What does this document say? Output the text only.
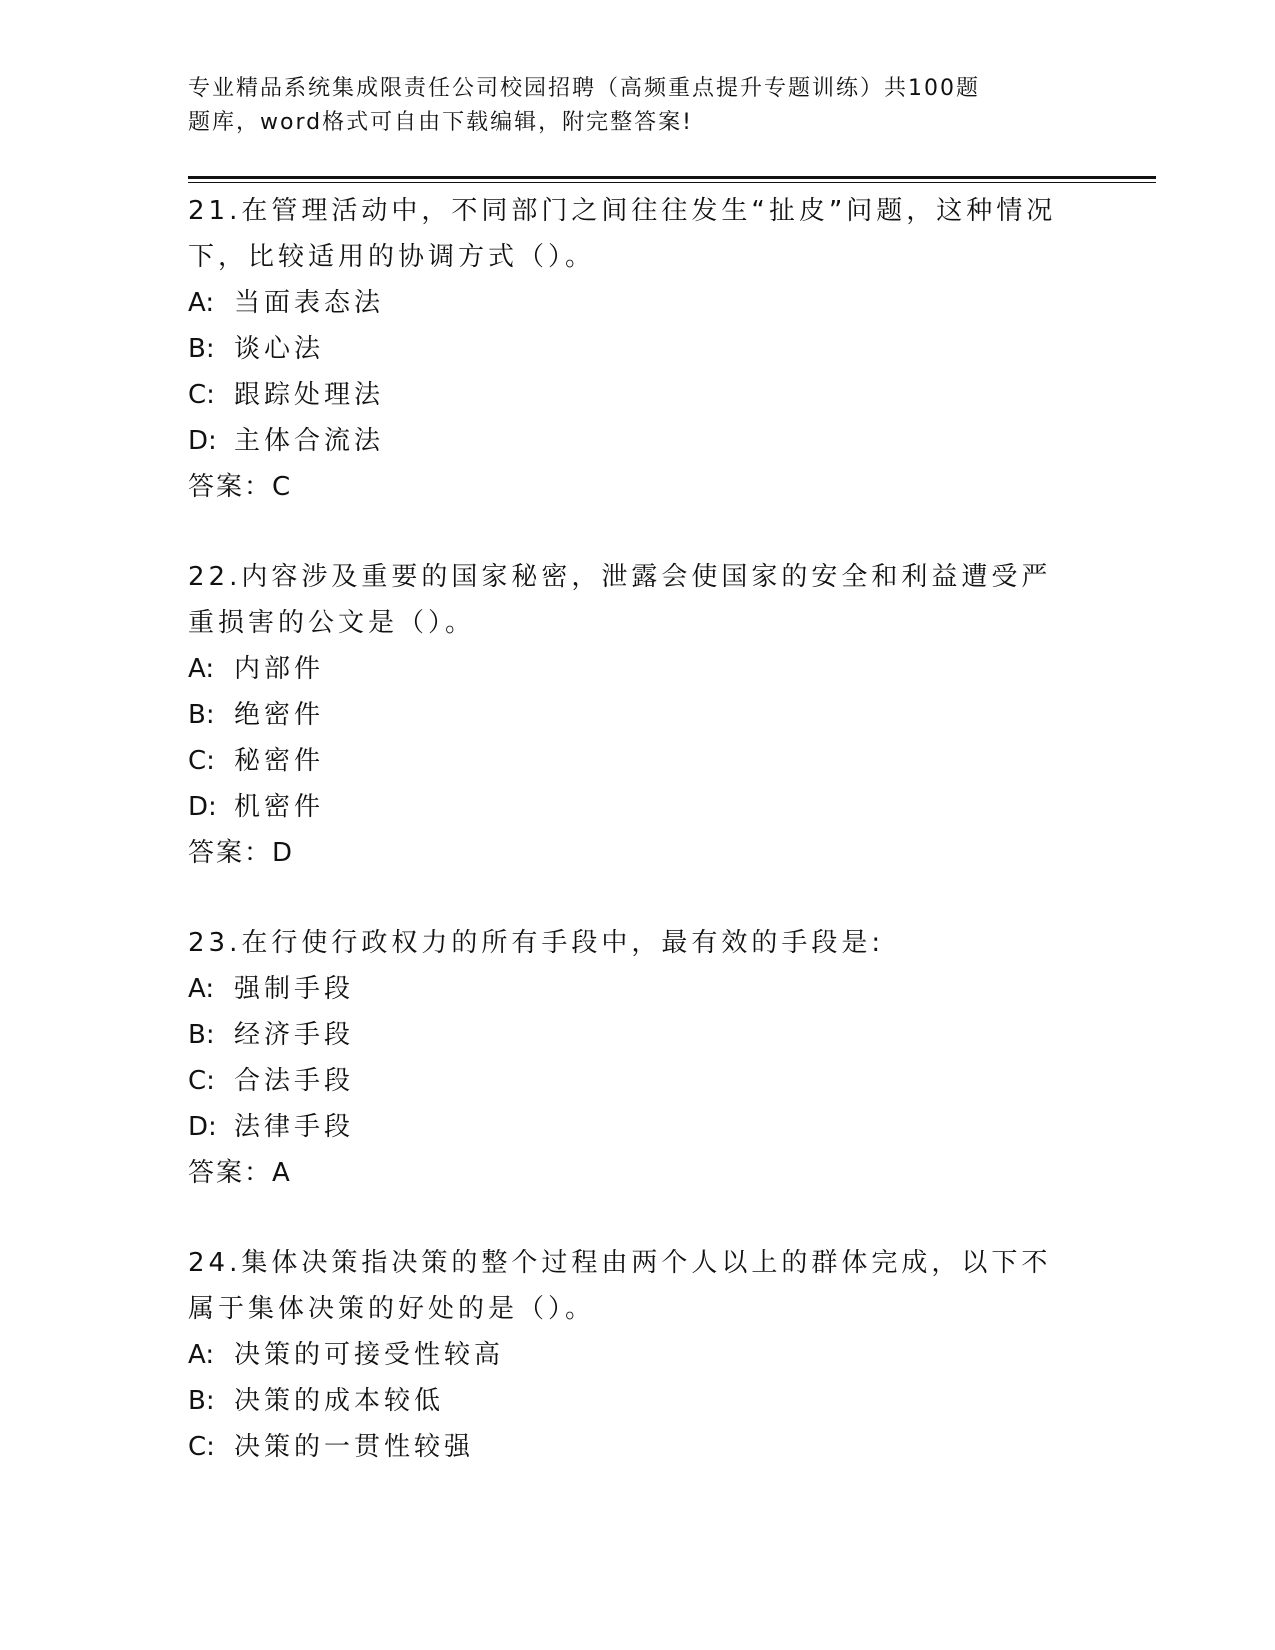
专业精品系统集成限责任公司校园招聘（高频重点提升专题训练）共100题
题库，word格式可自由下载编辑，附完整答案!
21.在管理活动中，不同部门之间往往发生“扯皮”问题，这种情况下，比较适用的协调方式（）。
A: 当面表态法
B: 谈心法
C: 跟踪处理法
D: 主体合流法
答案：C
22.内容涉及重要的国家秘密，泄露会使国家的安全和利益遭受严重损害的公文是（）。
A: 内部件
B: 绝密件
C: 秘密件
D: 机密件
答案：D
23.在行使行政权力的所有手段中，最有效的手段是:
A: 强制手段
B: 经济手段
C: 合法手段
D: 法律手段
答案：A
24.集体决策指决策的整个过程由两个人以上的群体完成，以下不属于集体决策的好处的是（）。
A: 决策的可接受性较高
B: 决策的成本较低
C: 决策的一贯性较强
